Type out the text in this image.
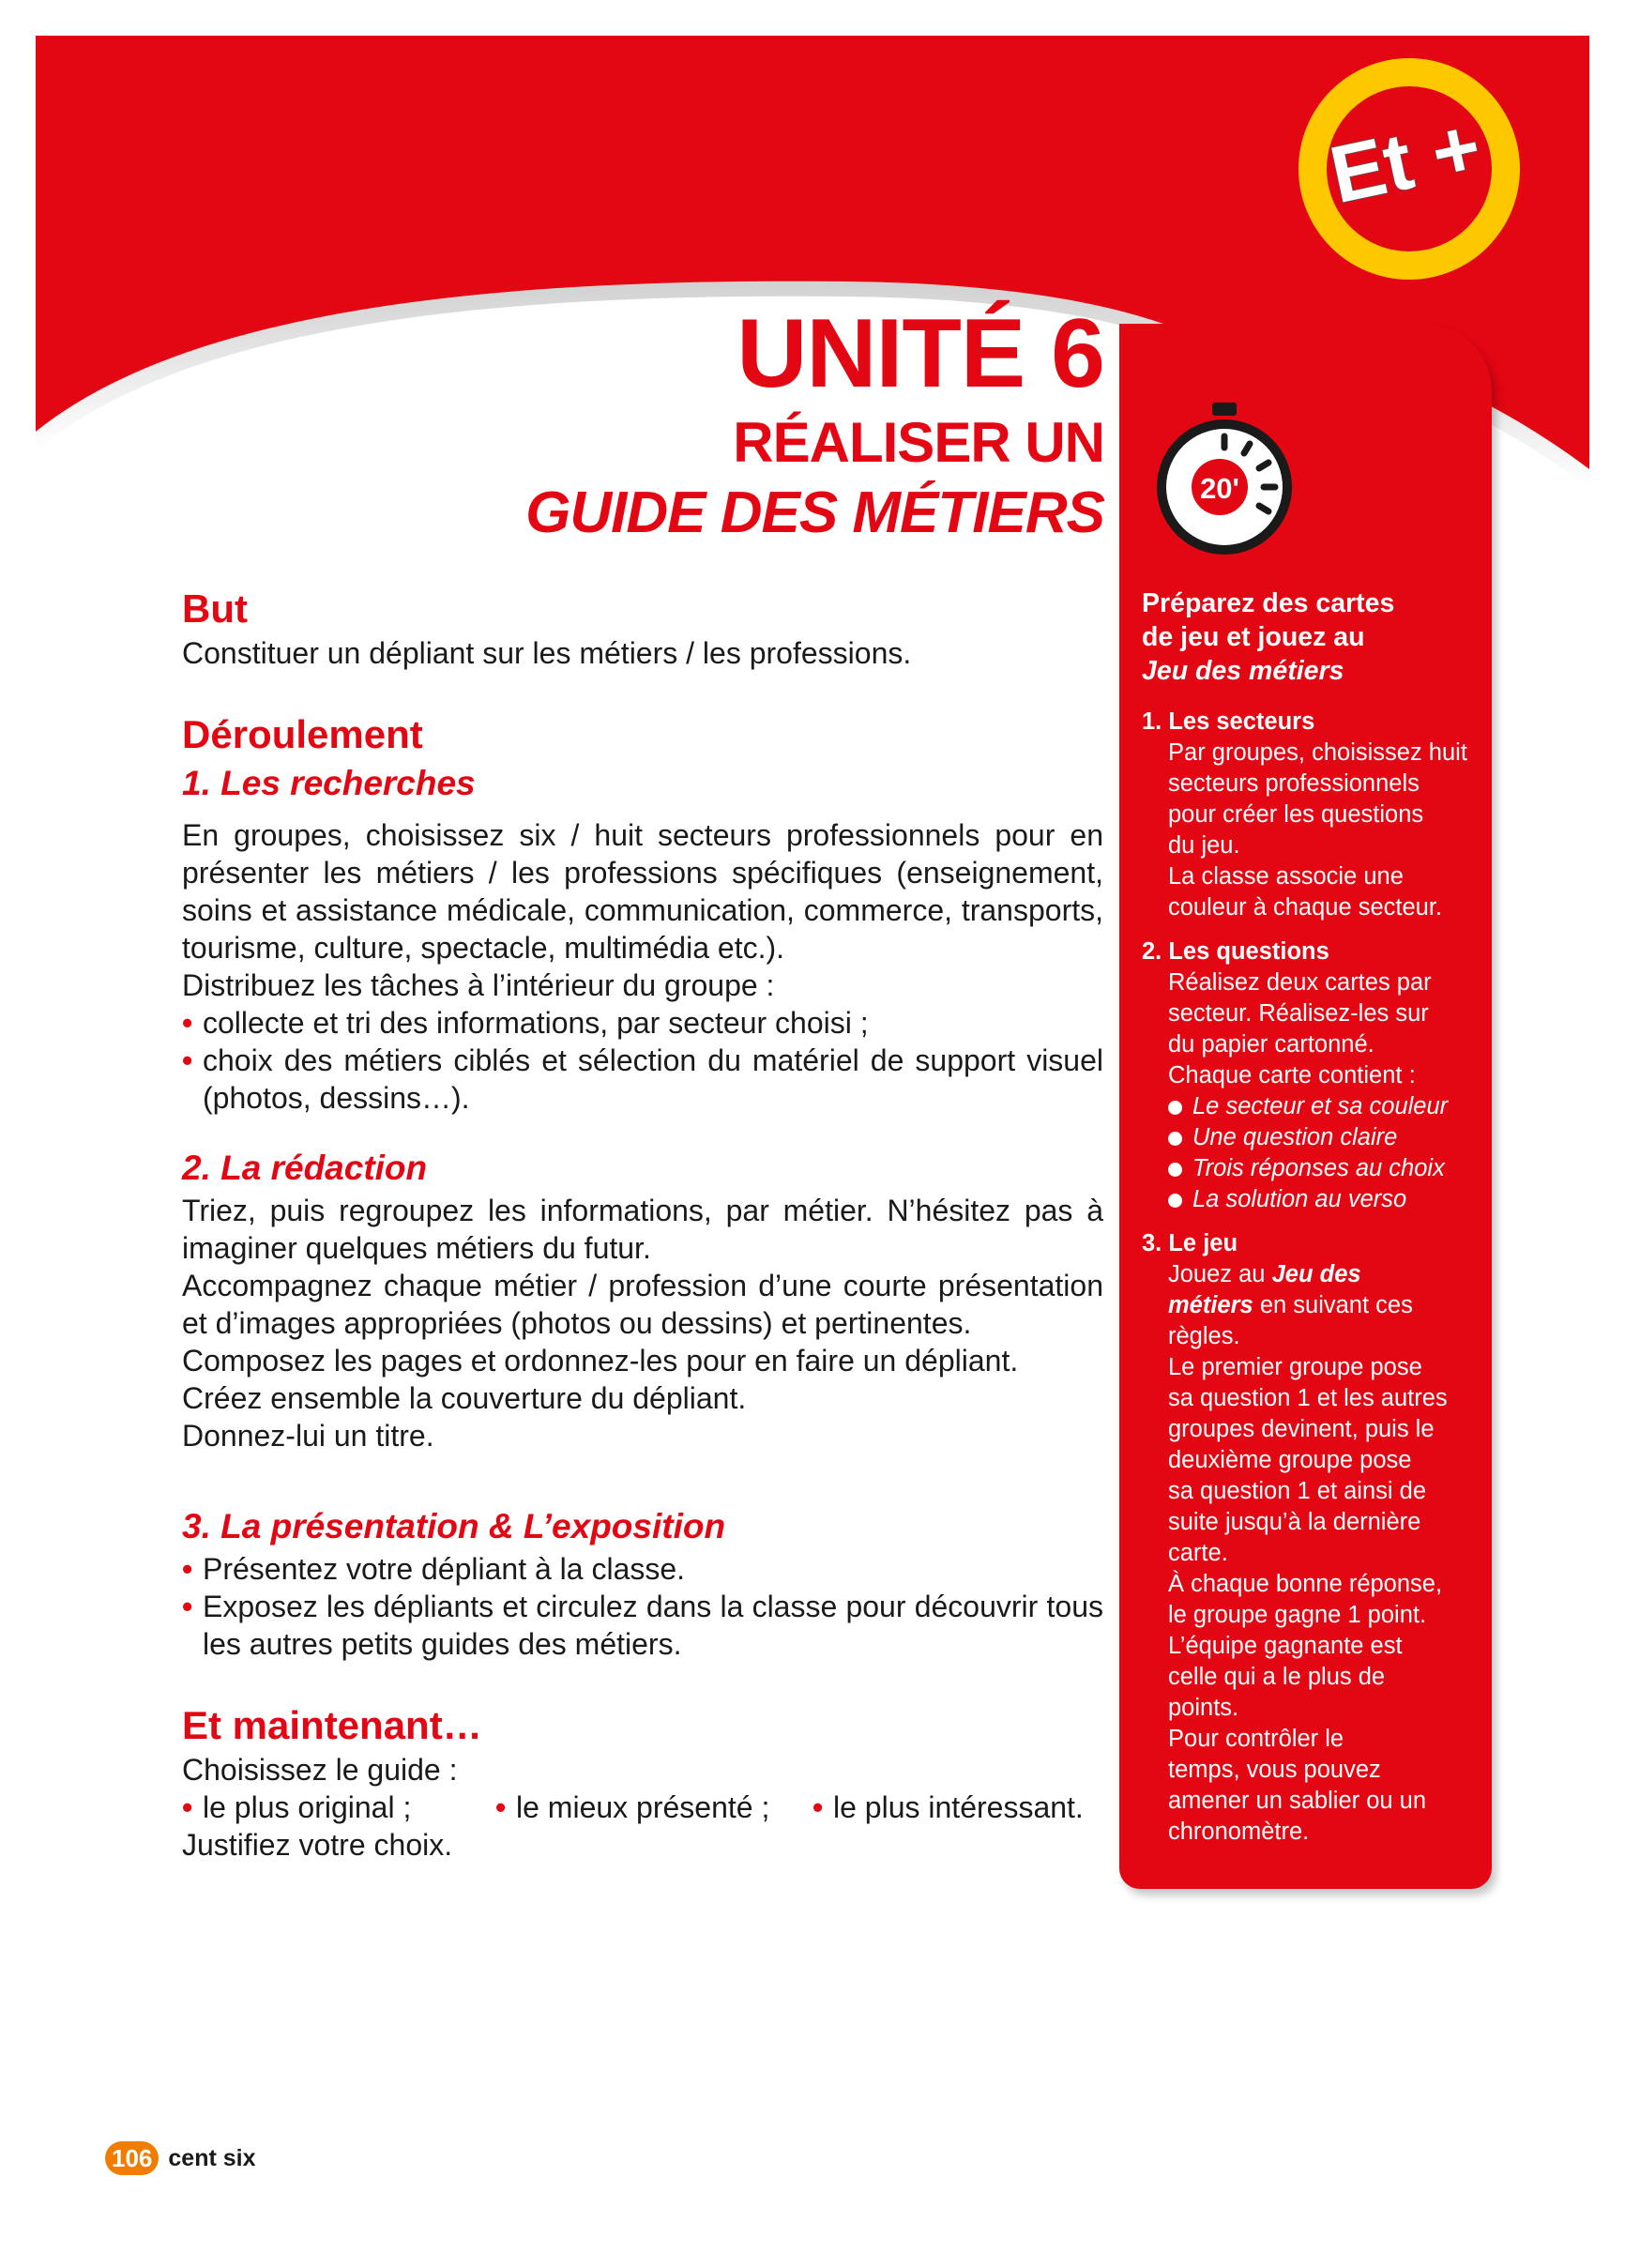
Et +
UNITÉ 6
RÉALISER UN
GUIDE DES MÉTIERS

Préparez des cartes
de jeu et jouez au
Jeu des métiers

1. Les secteurs

Par groupes, choisissez huit
secteurs professionnels
pour créer les questions
du jeu.
La classe associe une
couleur à chaque secteur.

2. Les questions

Réalisez deux cartes par
secteur. Réalisez-les sur
du papier cartonné.
Chaque carte contient :

Le secteur et sa couleur
Une question claire
Trois réponses au choix
La solution au verso

3. Le jeu

Jouez au Jeu des
métiers en suivant ces
règles.
Le premier groupe pose
sa question 1 et les autres
groupes devinent, puis le
deuxième groupe pose
sa question 1 et ainsi de
suite jusqu’à la dernière
carte.
À chaque bonne réponse,
le groupe gagne 1 point.
L’équipe gagnante est
celle qui a le plus de
points.
Pour contrôler le
temps, vous pouvez
amener un sablier ou un
chronomètre.

20'
But

Constituer un dépliant sur les métiers / les professions.

Déroulement
1. Les recherches

En groupes, choisissez six / huit secteurs professionnels pour en présenter les métiers / les professions spécifiques (enseignement, soins et assistance médicale, communication, commerce, transports, tourisme, culture, spectacle, multimédia etc.).

Distribuez les tâches à l’intérieur du groupe :

• collecte et tri des informations, par secteur choisi ;
• choix des métiers ciblés et sélection du matériel de support visuel (photos, dessins…).
2. La rédaction

Triez, puis regroupez les informations, par métier. N’hésitez pas à imaginer quelques métiers du futur.

Accompagnez chaque métier / profession d’une courte présentation et d’images appropriées (photos ou dessins) et pertinentes.

Composez les pages et ordonnez-les pour en faire un dépliant.

Créez ensemble la couverture du dépliant.

Donnez-lui un titre.

3. La présentation & L’exposition
• Présentez votre dépliant à la classe.
• Exposez les dépliants et circulez dans la classe pour découvrir tous les autres petits guides des métiers.
Et maintenant…

Choisissez le guide :

• le plus original ;	• le mieux présenté ;	• le plus intéressant.

Justifiez votre choix.

106 cent six
